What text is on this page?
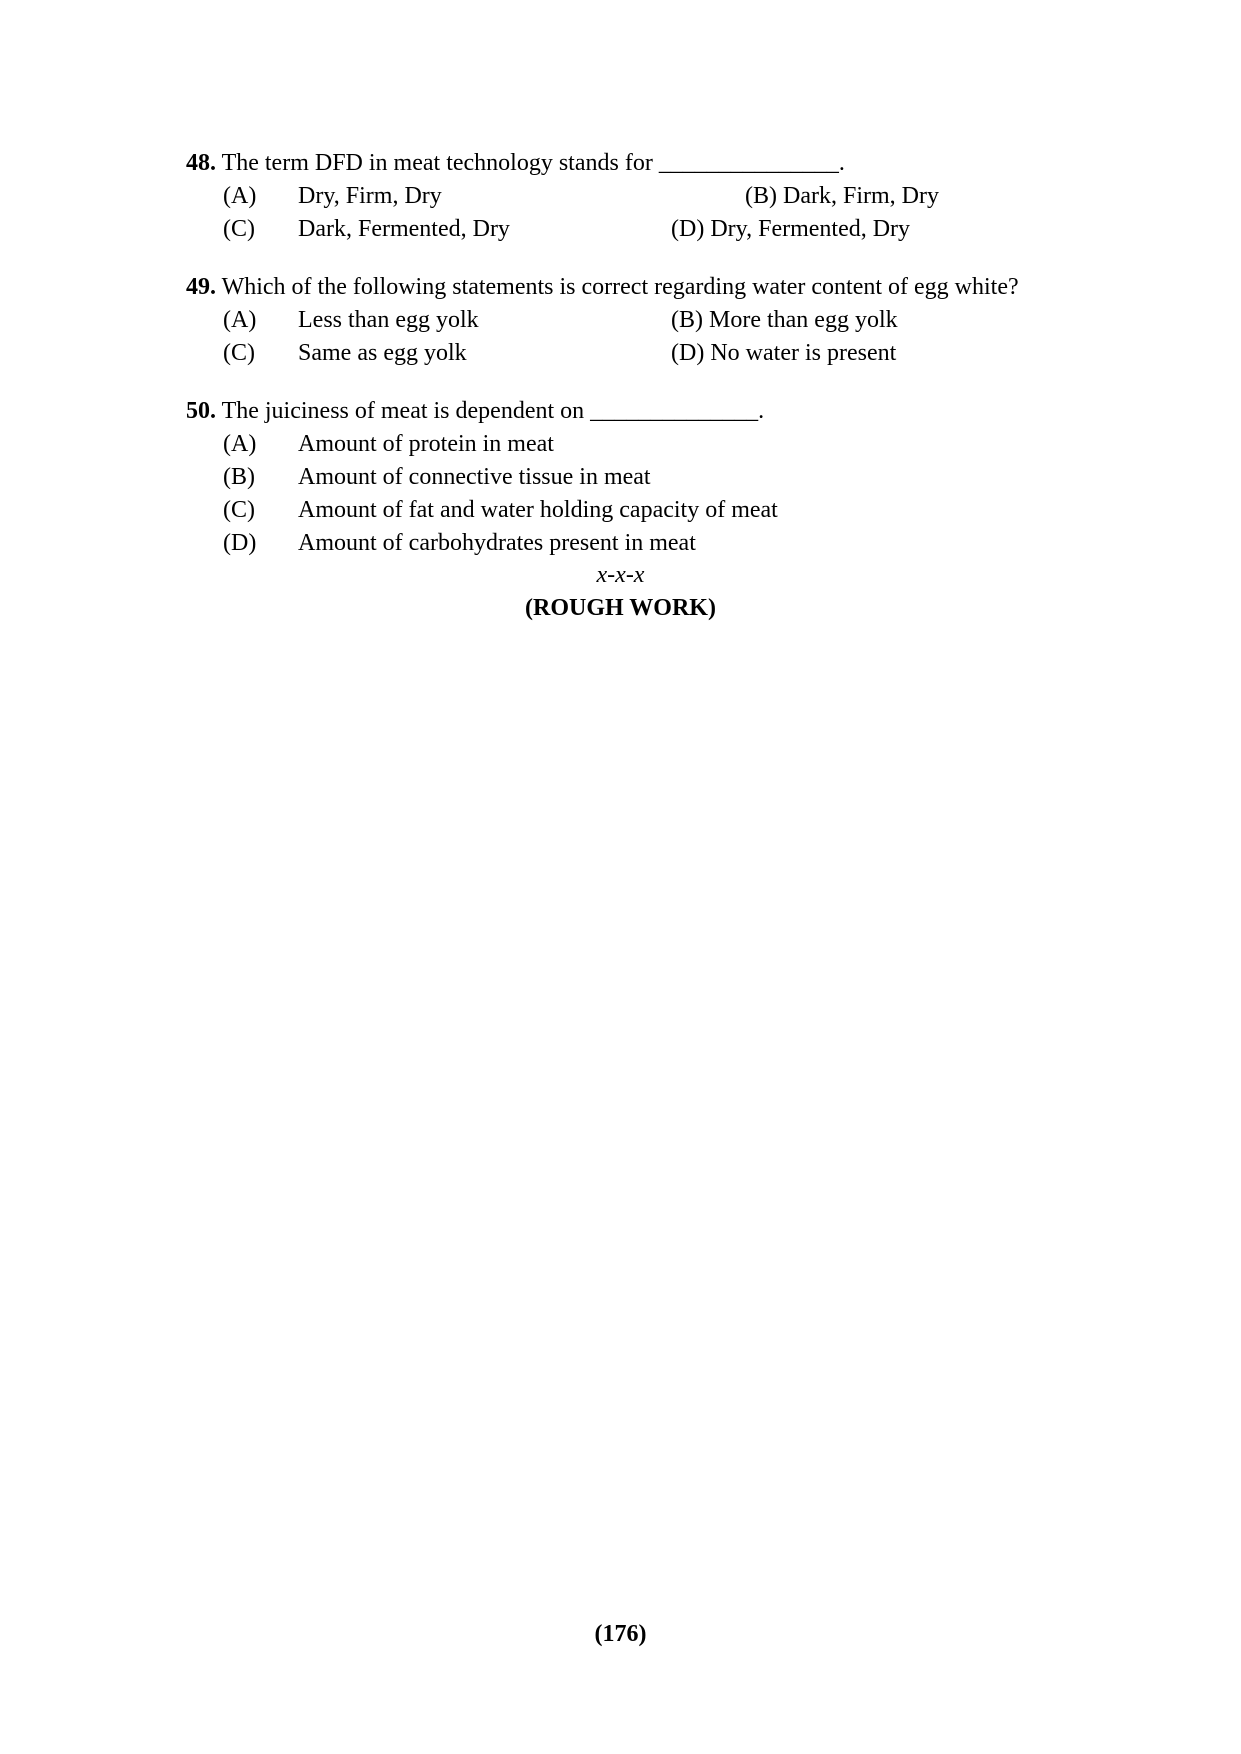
48. The term DFD in meat technology stands for _______________.
(A) Dry, Firm, Dry	(B) Dark, Firm, Dry
(C) Dark, Fermented, Dry	(D) Dry, Fermented, Dry
49. Which of the following statements is correct regarding water content of egg white?
(A) Less than egg yolk	(B) More than egg yolk
(C) Same as egg yolk	(D) No water is present
50. The juiciness of meat is dependent on ______________.
(A) Amount of protein in meat
(B) Amount of connective tissue in meat
(C) Amount of fat and water holding capacity of meat
(D) Amount of carbohydrates present in meat
x-x-x
(ROUGH WORK)
(176)
